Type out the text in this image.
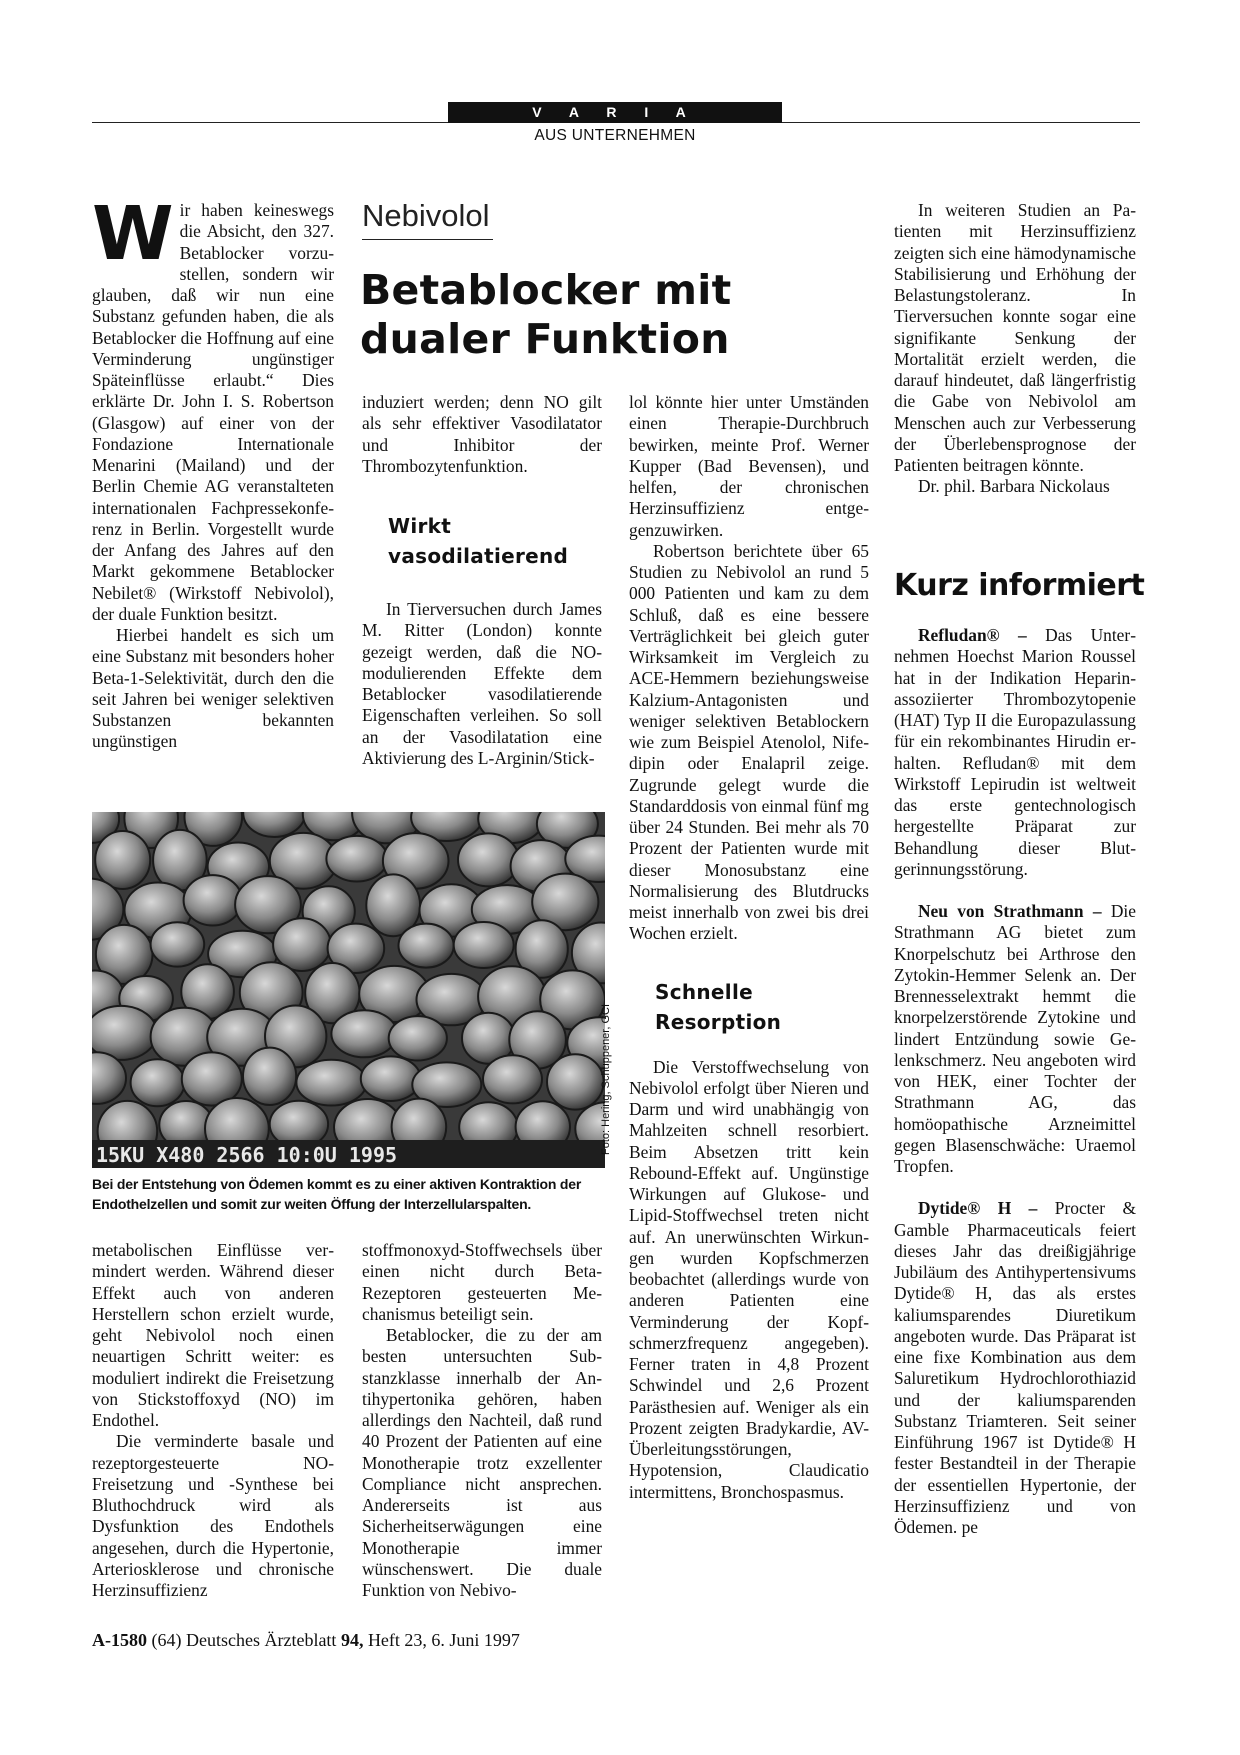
V A R I A
AUS UNTERNEHMEN

Wir haben keineswegs die Absicht, den 327. Betablocker vorzustellen, sondern wir glauben, daß wir nun eine Substanz gefunden haben, die als Betablocker die Hoffnung auf eine Verminderung ungünstiger Späteinflüsse erlaubt.“ Dies erklärte Dr. John I. S. Robertson (Glasgow) auf einer von der Fondazione Internationale Menarini (Mailand) und der Berlin Chemie AG veranstalteten internationalen Fachpressekonferenz in Berlin. Vorgestellt wurde der Anfang des Jahres auf den Markt gekommene Betablocker Nebilet® (Wirkstoff Nebivolol), der duale Funktion besitzt.

Hierbei handelt es sich um eine Substanz mit besonders hoher Beta-1-Selektivität, durch den die seit Jahren bei weniger selektiven Substanzen bekannten ungünstigen

Nebivolol
Betablocker mit
dualer Funktion

induziert werden; denn NO gilt als sehr effektiver Vasodilatator und Inhibitor der Thrombozytenfunktion.

Wirkt
vasodilatierend

In Tierversuchen durch James M. Ritter (London) konnte gezeigt werden, daß die NO-modulierenden Effekte dem Betablocker vasodilatierende Eigenschaften verleihen. So soll an der Vasodilatation eine Aktivierung des L-Arginin/Stick-

15KU X480 2566 10:0U 1995	Foto: Hering, Schuppener, GCI
Bei der Entstehung von Ödemen kommt es zu einer aktiven Kontraktion der Endothelzellen und somit zur weiten Öffung der Interzellularspalten.

metabolischen Einflüsse vermindert werden. Während dieser Effekt auch von anderen Herstellern schon erzielt wurde, geht Nebivolol noch einen neuartigen Schritt weiter: es moduliert indirekt die Freisetzung von Stickstoffoxyd (NO) im Endothel.

Die verminderte basale und rezeptorgesteuerte NO-Freisetzung und -Synthese bei Bluthochdruck wird als Dysfunktion des Endothels angesehen, durch die Hypertonie, Arteriosklerose und chronische Herzinsuffizienz

stoffmonoxyd-Stoffwechsels über einen nicht durch Beta-Rezeptoren gesteuerten Mechanismus beteiligt sein.

Betablocker, die zu der am besten untersuchten Substanzklasse innerhalb der Antihypertonika gehören, haben allerdings den Nachteil, daß rund 40 Prozent der Patienten auf eine Monotherapie trotz exzellenter Compliance nicht ansprechen. Andererseits ist aus Sicherheitserwägungen eine Monotherapie immer wünschenswert. Die duale Funktion von Nebivo-

lol könnte hier unter Umständen einen Therapie-Durchbruch bewirken, meinte Prof. Werner Kupper (Bad Bevensen), und helfen, der chronischen Herzinsuffizienz entgegenzuwirken.

Robertson berichtete über 65 Studien zu Nebivolol an rund 5 000 Patienten und kam zu dem Schluß, daß es eine bessere Verträglichkeit bei gleich guter Wirksamkeit im Vergleich zu ACE-Hemmern beziehungsweise Kalzium-Antagonisten und weniger selektiven Betablockern wie zum Beispiel Atenolol, Nifedipin oder Enalapril zeige. Zugrunde gelegt wurde die Standarddosis von einmal fünf mg über 24 Stunden. Bei mehr als 70 Prozent der Patienten wurde mit dieser Monosubstanz eine Normalisierung des Blutdrucks meist innerhalb von zwei bis drei Wochen erzielt.

Schnelle
Resorption

Die Verstoffwechselung von Nebivolol erfolgt über Nieren und Darm und wird unabhängig von Mahlzeiten schnell resorbiert. Beim Absetzen tritt kein Rebound-Effekt auf. Ungünstige Wirkungen auf Glukose- und Lipid-Stoffwechsel treten nicht auf. An unerwünschten Wirkungen wurden Kopfschmerzen beobachtet (allerdings wurde von anderen Patienten eine Verminderung der Kopfschmerzfrequenz angegeben). Ferner traten in 4,8 Prozent Schwindel und 2,6 Prozent Parästhesien auf. Weniger als ein Prozent zeigten Bradykardie, AV-Überleitungsstörungen, Hypotension, Claudicatio intermittens, Bronchospasmus.

In weiteren Studien an Patienten mit Herzinsuffizienz zeigten sich eine hämodynamische Stabilisierung und Erhöhung der Belastungstoleranz. In Tierversuchen konnte sogar eine signifikante Senkung der Mortalität erzielt werden, die darauf hindeutet, daß längerfristig die Gabe von Nebivolol am Menschen auch zur Verbesserung der Überlebensprognose der Patienten beitragen könnte.

Dr. phil. Barbara Nickolaus

Kurz informiert

Refludan® – Das Unternehmen Hoechst Marion Roussel hat in der Indikation Heparin-assoziierter Thrombozytopenie (HAT) Typ II die Europazulassung für ein rekombinantes Hirudin erhalten. Refludan® mit dem Wirkstoff Lepirudin ist weltweit das erste gentechnologisch hergestellte Präparat zur Behandlung dieser Blutgerinnungsstörung.

Neu von Strathmann – Die Strathmann AG bietet zum Knorpelschutz bei Arthrose den Zytokin-Hemmer Selenk an. Der Brennesselextrakt hemmt die knorpelzerstörende Zytokine und lindert Entzündung sowie Gelenkschmerz. Neu angeboten wird von HEK, einer Tochter der Strathmann AG, das homöopathische Arzneimittel gegen Blasenschwäche: Uraemol Tropfen.

Dytide® H – Procter & Gamble Pharmaceuticals feiert dieses Jahr das dreißigjährige Jubiläum des Antihypertensivums Dytide® H, das als erstes kaliumsparendes Diuretikum angeboten wurde. Das Präparat ist eine fixe Kombination aus dem Saluretikum Hydrochlorothiazid und der kaliumsparenden Substanz Triamteren. Seit seiner Einführung 1967 ist Dytide® H fester Bestandteil in der Therapie der essentiellen Hypertonie, der Herzinsuffizienz und von Ödemen. pe

A-1580 (64) Deutsches Ärzteblatt 94, Heft 23, 6. Juni 1997
